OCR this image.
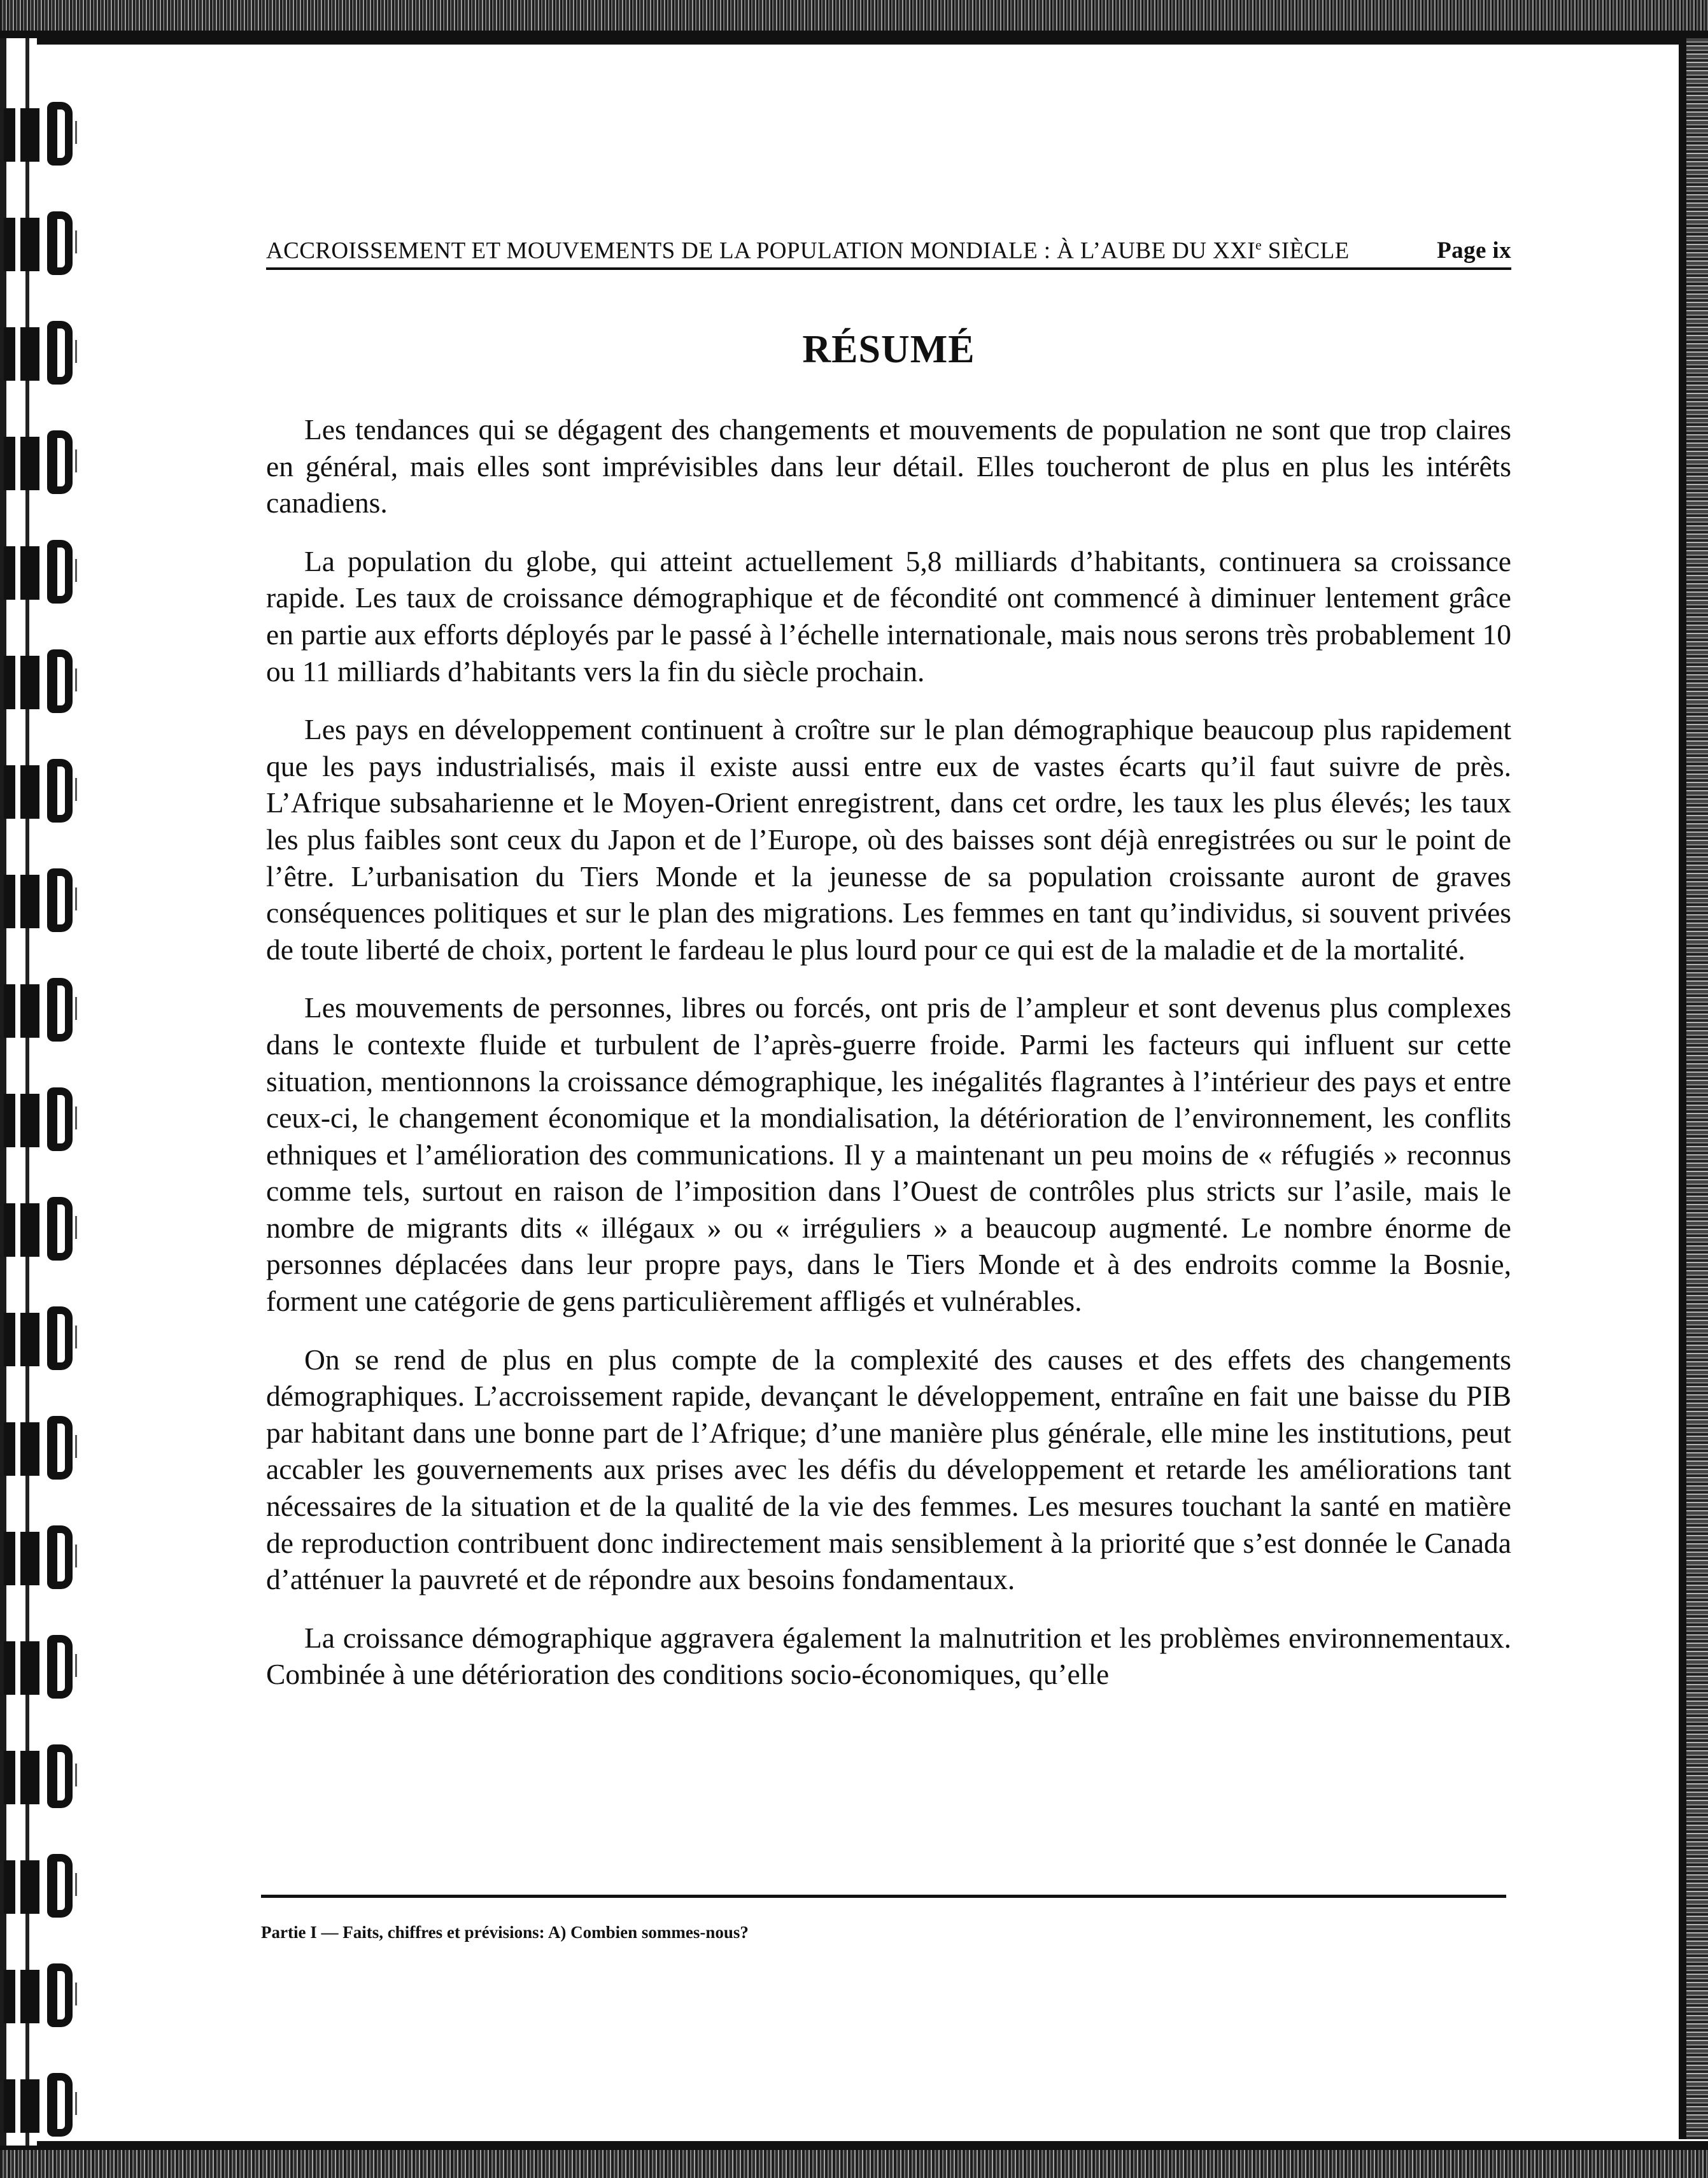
ACCROISSEMENT ET MOUVEMENTS DE LA POPULATION MONDIALE : À L’AUBE DU XXIe SIÈCLE	Page ix
RÉSUMÉ

Les tendances qui se dégagent des changements et mouvements de population ne sont que trop claires en général, mais elles sont imprévisibles dans leur détail. Elles toucheront de plus en plus les intérêts canadiens.

La population du globe, qui atteint actuellement 5,8 milliards d’habitants, continuera sa croissance rapide. Les taux de croissance démographique et de fécondité ont commencé à diminuer lentement grâce en partie aux efforts déployés par le passé à l’échelle internationale, mais nous serons très probablement 10 ou 11 milliards d’habitants vers la fin du siècle prochain.

Les pays en développement continuent à croître sur le plan démographique beaucoup plus rapidement que les pays industrialisés, mais il existe aussi entre eux de vastes écarts qu’il faut suivre de près. L’Afrique subsaharienne et le Moyen-Orient enregistrent, dans cet ordre, les taux les plus élevés; les taux les plus faibles sont ceux du Japon et de l’Europe, où des baisses sont déjà enregistrées ou sur le point de l’être. L’urbanisation du Tiers Monde et la jeunesse de sa population croissante auront de graves conséquences politiques et sur le plan des migrations. Les femmes en tant qu’individus, si souvent privées de toute liberté de choix, portent le fardeau le plus lourd pour ce qui est de la maladie et de la mortalité.

Les mouvements de personnes, libres ou forcés, ont pris de l’ampleur et sont devenus plus complexes dans le contexte fluide et turbulent de l’après-guerre froide. Parmi les facteurs qui influent sur cette situation, mentionnons la croissance démographique, les inégalités flagrantes à l’intérieur des pays et entre ceux-ci, le changement économique et la mondialisation, la détérioration de l’environnement, les conflits ethniques et l’amélioration des communications. Il y a maintenant un peu moins de « réfugiés » reconnus comme tels, surtout en raison de l’imposition dans l’Ouest de contrôles plus stricts sur l’asile, mais le nombre de migrants dits « illégaux » ou « irréguliers » a beaucoup augmenté. Le nombre énorme de personnes déplacées dans leur propre pays, dans le Tiers Monde et à des endroits comme la Bosnie, forment une catégorie de gens particulièrement affligés et vulnérables.

On se rend de plus en plus compte de la complexité des causes et des effets des changements démographiques. L’accroissement rapide, devançant le développement, entraîne en fait une baisse du PIB par habitant dans une bonne part de l’Afrique; d’une manière plus générale, elle mine les institutions, peut accabler les gouvernements aux prises avec les défis du développement et retarde les améliorations tant nécessaires de la situation et de la qualité de la vie des femmes. Les mesures touchant la santé en matière de reproduction contribuent donc indirectement mais sensiblement à la priorité que s’est donnée le Canada d’atténuer la pauvreté et de répondre aux besoins fondamentaux.

La croissance démographique aggravera également la malnutrition et les problèmes environnementaux. Combinée à une détérioration des conditions socio-économiques, qu’elle

Partie I — Faits, chiffres et prévisions: A) Combien sommes-nous?
